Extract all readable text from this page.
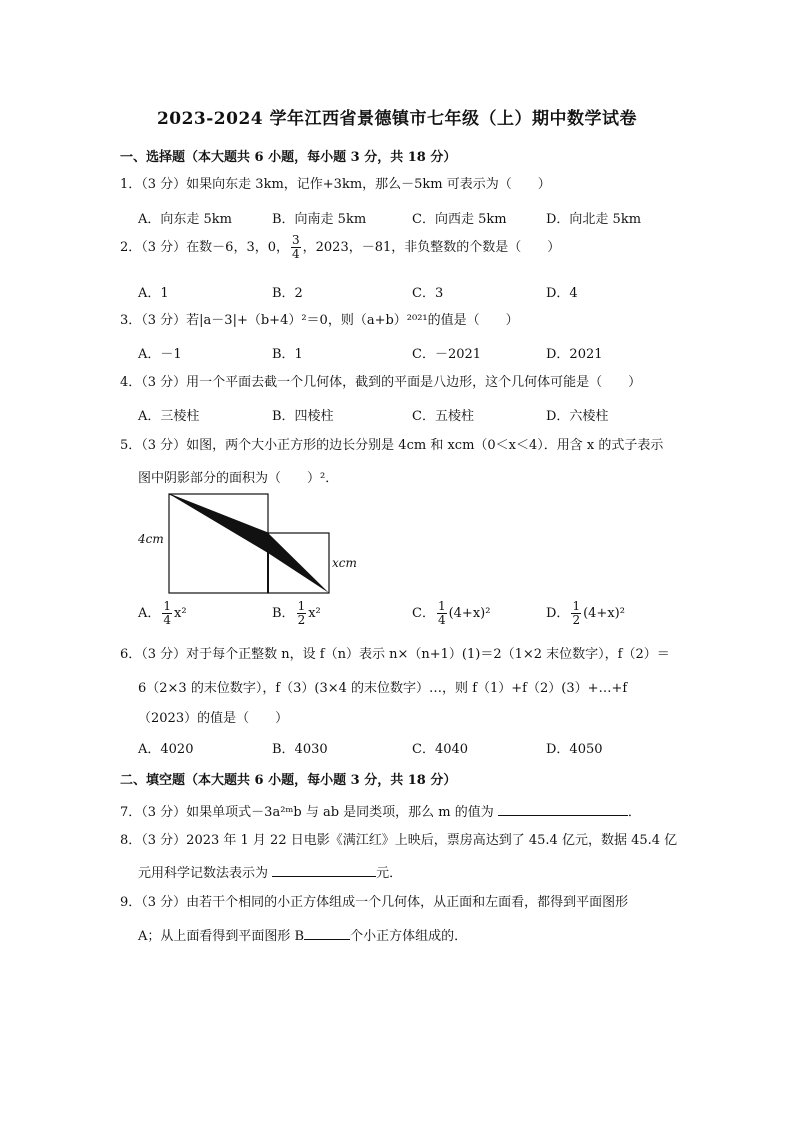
2023-2024 学年江西省景德镇市七年级（上）期中数学试卷
一、选择题（本大题共 6 小题，每小题 3 分，共 18 分）
1．（3 分）如果向东走 3km，记作+3km，那么－5km 可表示为（　　）
A．向东走 5km	B．向南走 5km	C．向西走 5km	D．向北走 5km
2．（3 分）在数－6，3，0， $\frac{3}{4}$ ，2023，－81，非负整数的个数是（　　）
A．1	B．2	C．3	D．4
3．（3 分）若|a－3|+（b+4）²＝0，则（a+b）²⁰²¹的值是（　　）
A．－1	B．1	C．－2021	D．2021
4．（3 分）用一个平面去截一个几何体，截到的平面是八边形，这个几何体可能是（　　）
A．三棱柱	B．四棱柱	C．五棱柱	D．六棱柱
5．（3 分）如图，两个大小正方形的边长分别是 4cm 和 xcm（0＜x＜4）．用含 x 的式子表示
图中阴影部分的面积为（　　）²．
4cm
xcm
A． $\frac{1}{4} x^2$	B． $\frac{1}{2} x^2$	C． $\frac{1}{4} (4+x)^2$	D． $\frac{1}{2} (4+x)^2$
6．（3 分）对于每个正整数 n，设 f（n）表示 n×（n+1）(1)＝2（1×2 末位数字），f（2）＝
6（2×3 的末位数字），f（3）(3×4 的末位数字）…，则 f（1）+f（2）(3）+…+f
（2023）的值是（　　）
A．4020	B．4030	C．4040	D．4050
二、填空题（本大题共 6 小题，每小题 3 分，共 18 分）
7．（3 分）如果单项式－3a²ᵐb 与 ab 是同类项，那么 m 的值为	．
8．（3 分）2023 年 1 月 22 日电影《满江红》上映后，票房高达到了 45.4 亿元，数据 45.4 亿
元用科学记数法表示为	元．
9．（3 分）由若干个相同的小正方体组成一个几何体，从正面和左面看，都得到平面图形
A；从上面看得到平面图形 B	个小正方体组成的．
